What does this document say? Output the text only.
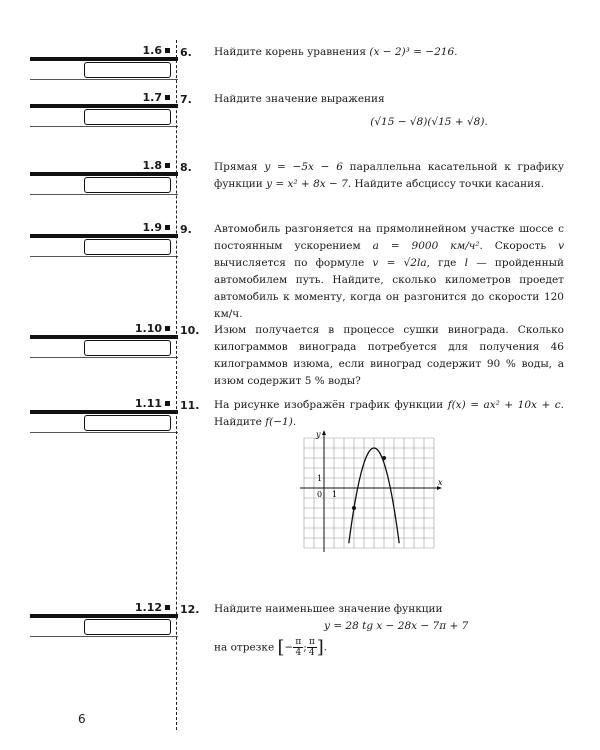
1.6
1.7
1.8
1.9
1.10
1.11
1.12
6.	Найдите корень уравнения (x − 2)³ = −216.
7.	Найдите значение выражения
(√15 − √8)(√15 + √8).
8.	Прямая y = −5x − 6 параллельна касательной к графику функции y = x² + 8x − 7. Найдите абсциссу точки касания.
9.	Автомобиль разгоняется на прямолинейном участке шоссе с постоянным ускорением a = 9000 км/ч². Скорость v вычисляется по формуле v = √2la, где l — пройденный автомобилем путь. Найдите, сколько километров проедет автомобиль к моменту, когда он разгонится до скорости 120 км/ч.
10.	Изюм получается в процессе сушки винограда. Сколько килограммов винограда потребуется для получения 46 килограммов изюма, если виноград содержит 90 % воды, а изюм содержит 5 % воды?
11.	На рисунке изображён график функции f(x) = ax² + 10x + c. Найдите f(−1).
x
y
0 1
1
12.	Найдите наименьшее значение функции
y = 28 tg x − 28x − 7π + 7
на отрезке [− $\frac{\pi}{4}$ ; $\frac{\pi}{4}$ ].
6
